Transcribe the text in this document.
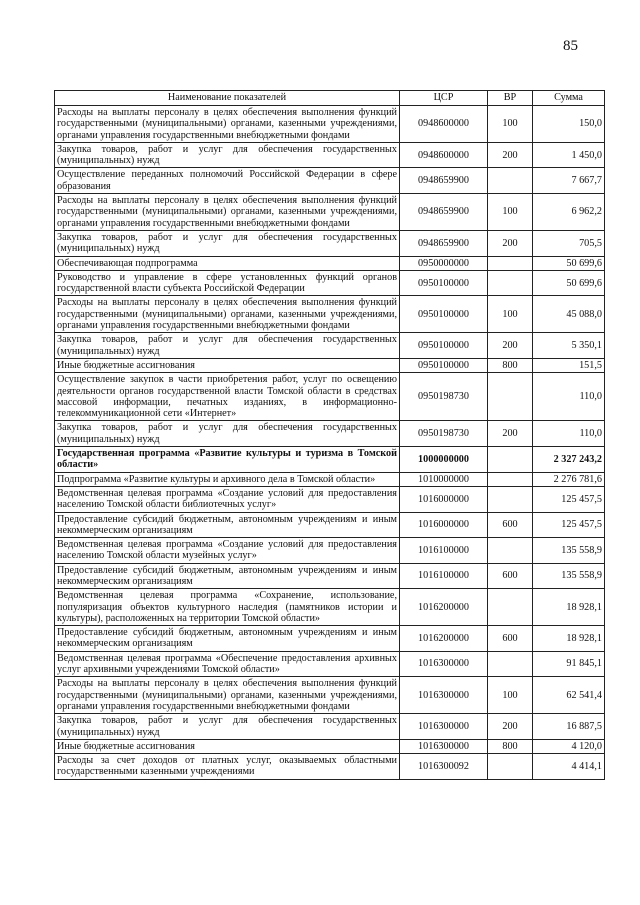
85
Наименование показателей	ЦСР	ВР	Сумма
Расходы на выплаты персоналу в целях обеспечения выполнения функций государственными (муниципальными) органами, казенными учреждениями, органами управления государственными внебюджетными фондами	0948600000	100	150,0
Закупка товаров, работ и услуг для обеспечения государственных (муниципальных) нужд	0948600000	200	1 450,0
Осуществление переданных полномочий Российской Федерации в сфере образования	0948659900		7 667,7
Расходы на выплаты персоналу в целях обеспечения выполнения функций государственными (муниципальными) органами, казенными учреждениями, органами управления государственными внебюджетными фондами	0948659900	100	6 962,2
Закупка товаров, работ и услуг для обеспечения государственных (муниципальных) нужд	0948659900	200	705,5
Обеспечивающая подпрограмма	0950000000		50 699,6
Руководство и управление в сфере установленных функций органов государственной власти субъекта Российской Федерации	0950100000		50 699,6
Расходы на выплаты персоналу в целях обеспечения выполнения функций государственными (муниципальными) органами, казенными учреждениями, органами управления государственными внебюджетными фондами	0950100000	100	45 088,0
Закупка товаров, работ и услуг для обеспечения государственных (муниципальных) нужд	0950100000	200	5 350,1
Иные бюджетные ассигнования	0950100000	800	151,5
Осуществление закупок в части приобретения работ, услуг по освещению деятельности органов государственной власти Томской области в средствах массовой информации, печатных изданиях, в информационно-телекоммуникационной сети «Интернет»	0950198730		110,0
Закупка товаров, работ и услуг для обеспечения государственных (муниципальных) нужд	0950198730	200	110,0
Государственная программа «Развитие культуры и туризма в Томской области»	1000000000		2 327 243,2
Подпрограмма «Развитие культуры и архивного дела в Томской области»	1010000000		2 276 781,6
Ведомственная целевая программа «Создание условий для предоставления населению Томской области библиотечных услуг»	1016000000		125 457,5
Предоставление субсидий бюджетным, автономным учреждениям и иным некоммерческим организациям	1016000000	600	125 457,5
Ведомственная целевая программа «Создание условий для предоставления населению Томской области музейных услуг»	1016100000		135 558,9
Предоставление субсидий бюджетным, автономным учреждениям и иным некоммерческим организациям	1016100000	600	135 558,9
Ведомственная целевая программа «Сохранение, использование, популяризация объектов культурного наследия (памятников истории и культуры), расположенных на территории Томской области»	1016200000		18 928,1
Предоставление субсидий бюджетным, автономным учреждениям и иным некоммерческим организациям	1016200000	600	18 928,1
Ведомственная целевая программа «Обеспечение предоставления архивных услуг архивными учреждениями Томской области»	1016300000		91 845,1
Расходы на выплаты персоналу в целях обеспечения выполнения функций государственными (муниципальными) органами, казенными учреждениями, органами управления государственными внебюджетными фондами	1016300000	100	62 541,4
Закупка товаров, работ и услуг для обеспечения государственных (муниципальных) нужд	1016300000	200	16 887,5
Иные бюджетные ассигнования	1016300000	800	4 120,0
Расходы за счет доходов от платных услуг, оказываемых областными государственными казенными учреждениями	1016300092		4 414,1
